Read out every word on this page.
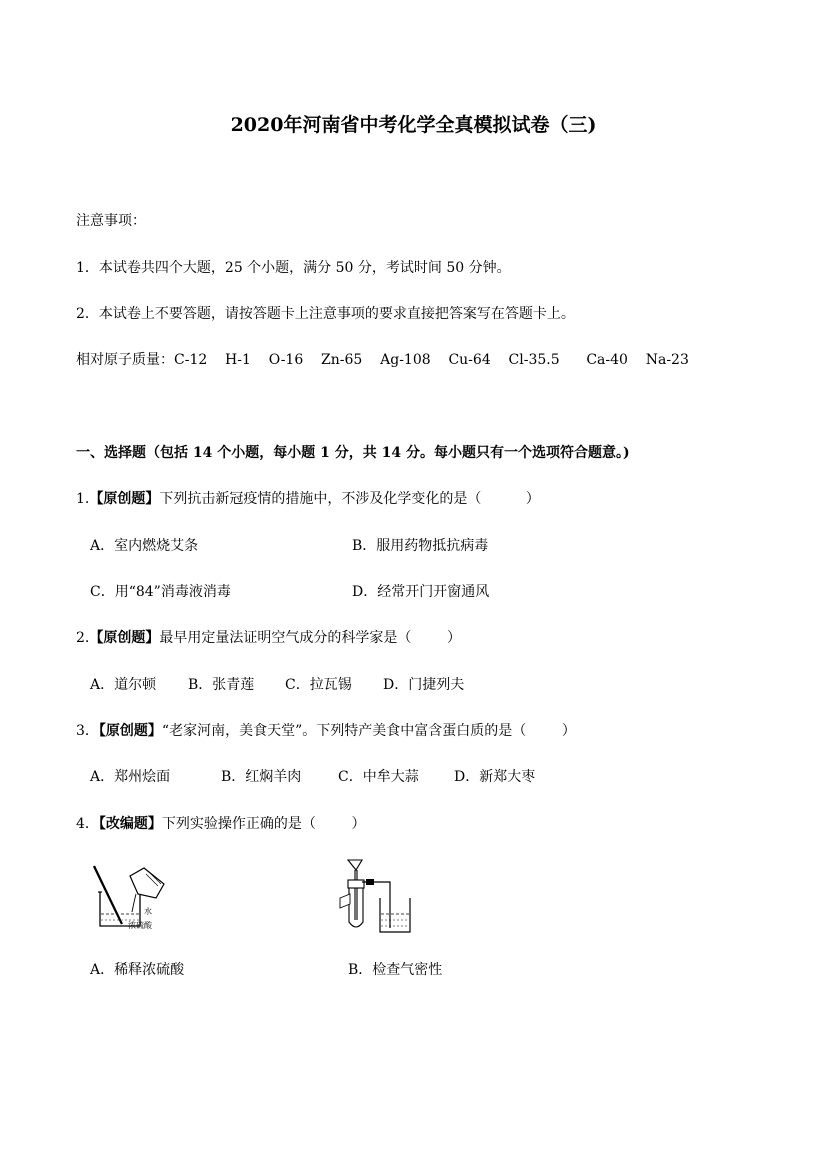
2020年河南省中考化学全真模拟试卷（三)
注意事项：
1．本试卷共四个大题，25 个小题，满分 50 分，考试时间 50 分钟。
2．本试卷上不要答题，请按答题卡上注意事项的要求直接把答案写在答题卡上。
相对原子质量：C-12    H-1    O-16    Zn-65    Ag-108    Cu-64    Cl-35.5      Ca-40    Na-23
一、选择题（包括 14 个小题，每小题 1 分，共 14 分。每小题只有一个选项符合题意。)
1.【原创题】下列抗击新冠疫情的措施中，不涉及化学变化的是（          ）
A．室内燃烧艾条	B．服用药物抵抗病毒
C．用“84”消毒液消毒	D．经常开门开窗通风
2.【原创题】最早用定量法证明空气成分的科学家是（        ）
A．道尔顿 B．张青莲 C．拉瓦锡 D．门捷列夫
3．【原创题】“老家河南，美食天堂”。下列特产美食中富含蛋白质的是（        ）
A．郑州烩面	B．红焖羊肉	C．中牟大蒜	D．新郑大枣
4．【改编题】下列实验操作正确的是（        ）
水
浓硫酸
A．稀释浓硫酸	B．检查气密性
